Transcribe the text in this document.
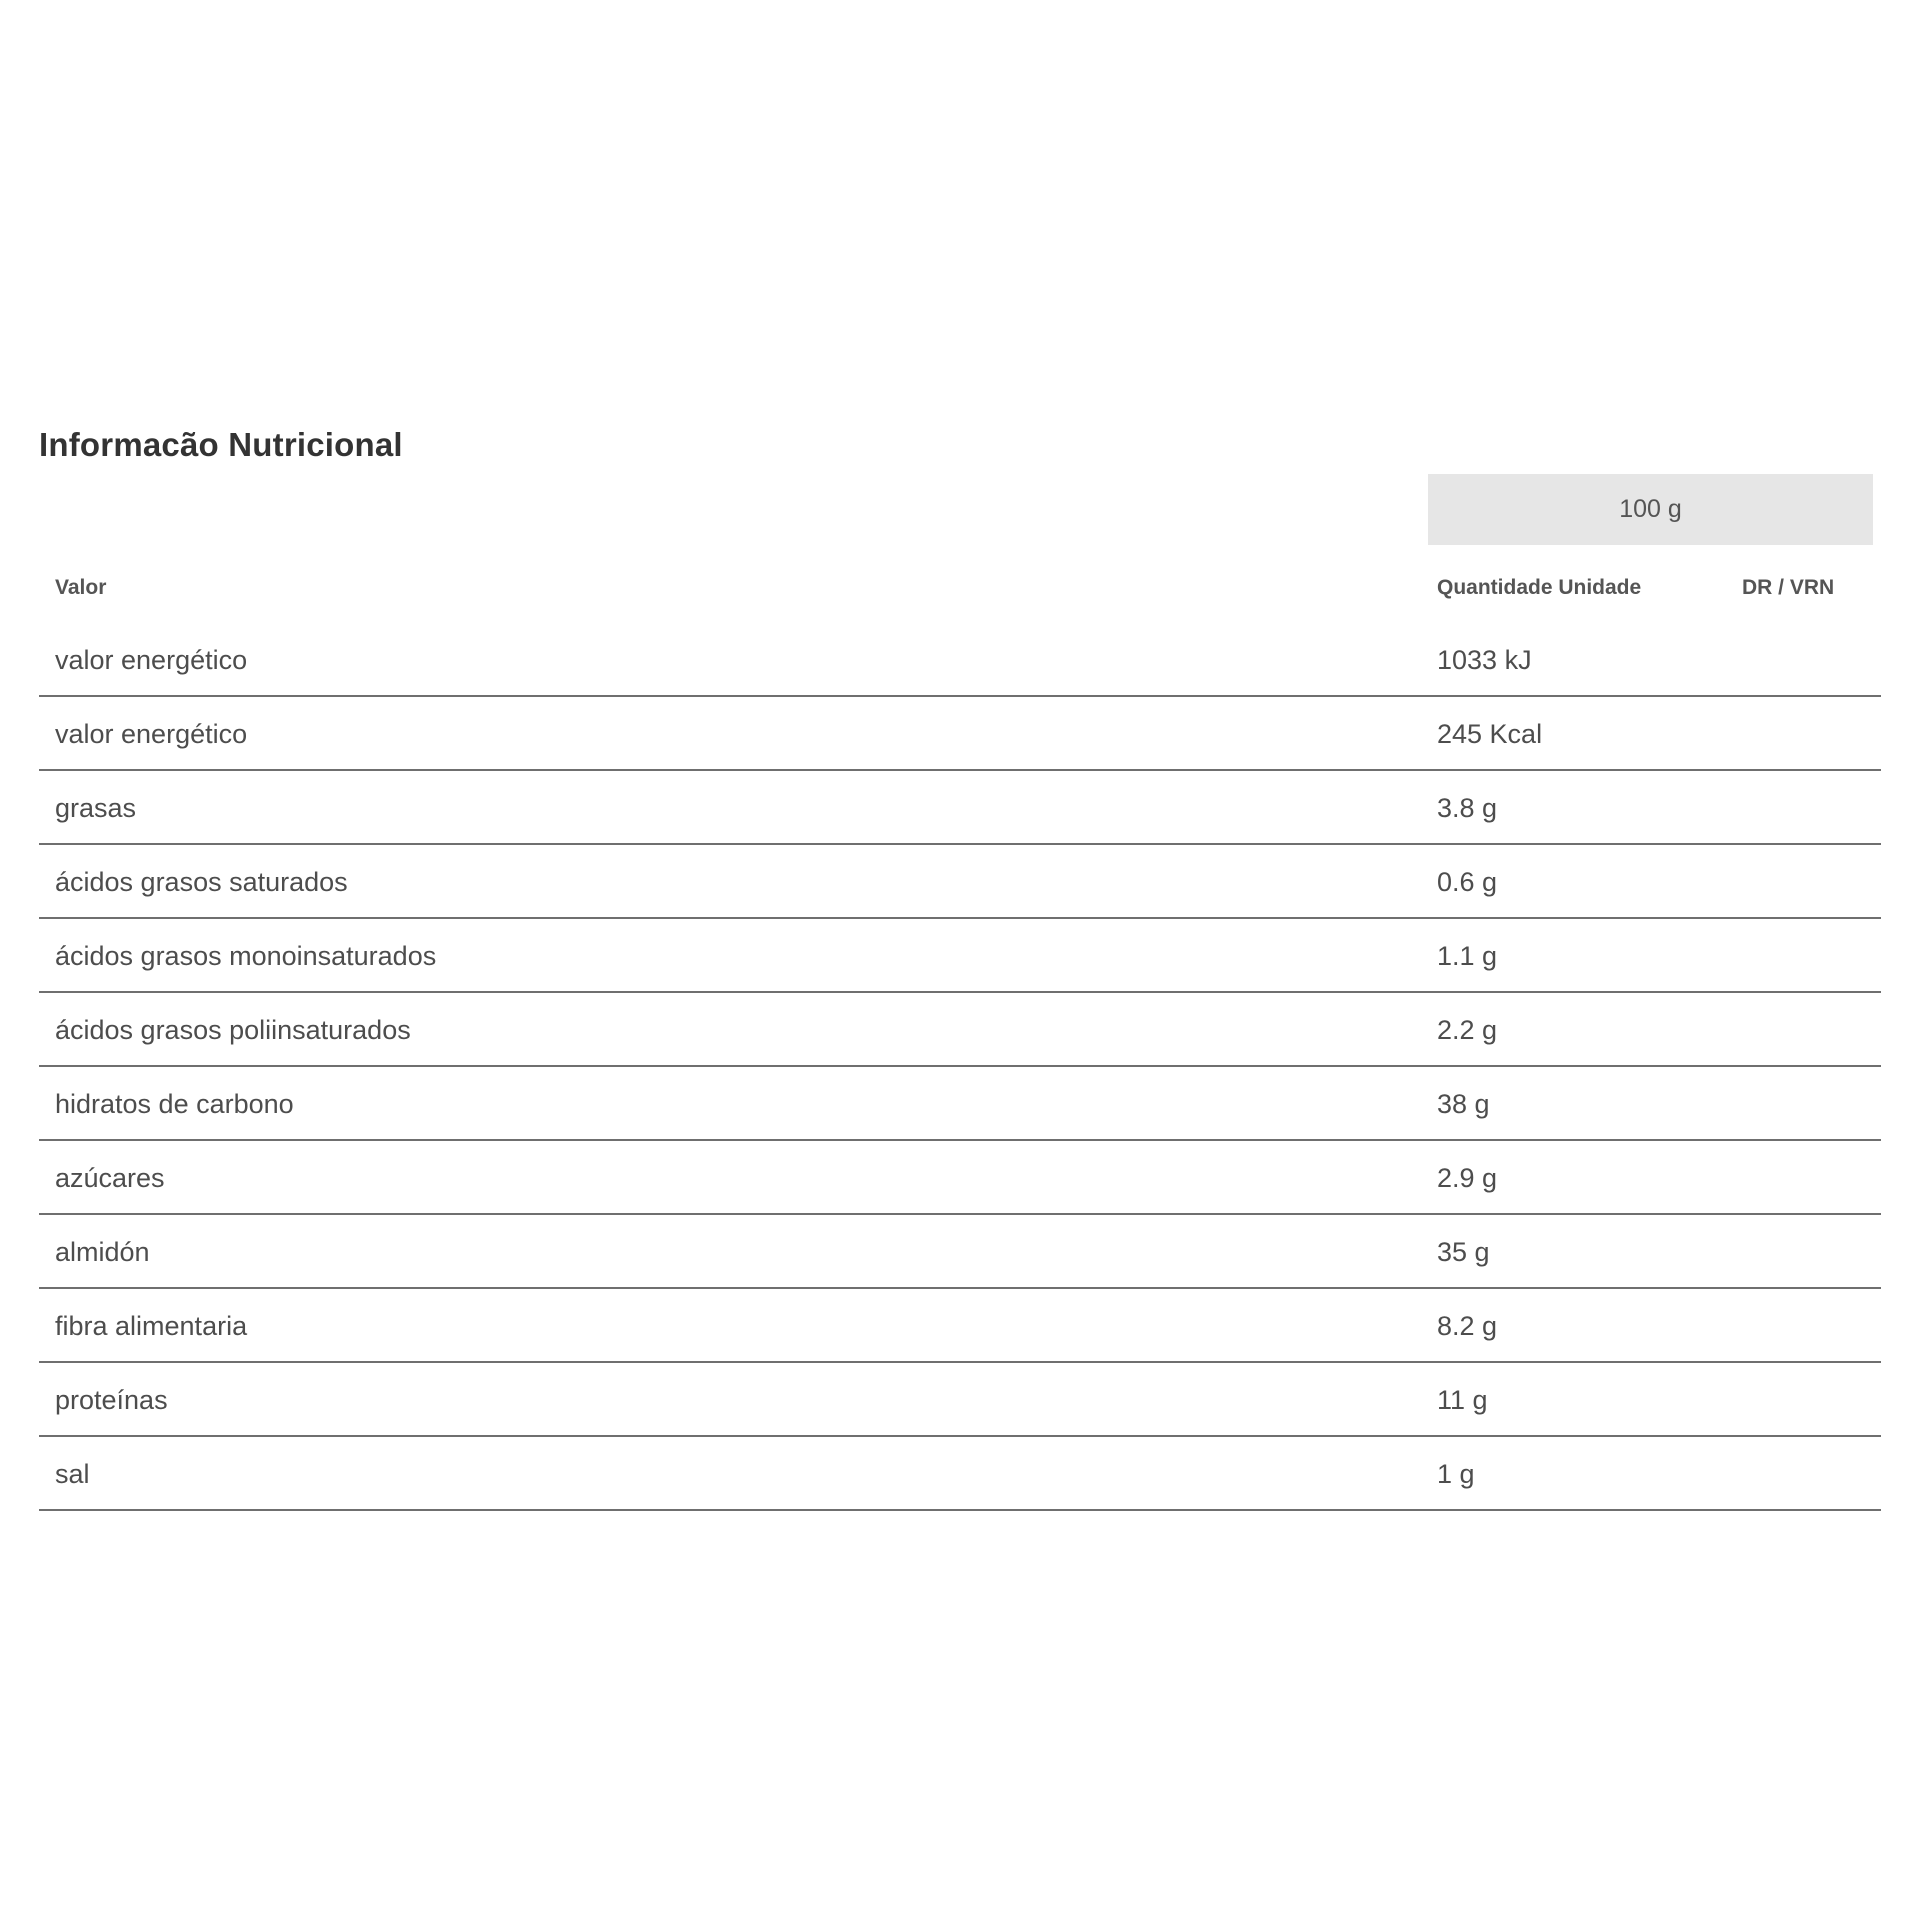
Informacão Nutricional
100 g
Valor	Quantidade Unidade	DR / VRN
valor energético	1033 kJ
valor energético	245 Kcal
grasas	3.8 g
ácidos grasos saturados	0.6 g
ácidos grasos monoinsaturados	1.1 g
ácidos grasos poliinsaturados	2.2 g
hidratos de carbono	38 g
azúcares	2.9 g
almidón	35 g
fibra alimentaria	8.2 g
proteínas	11 g
sal	1 g
